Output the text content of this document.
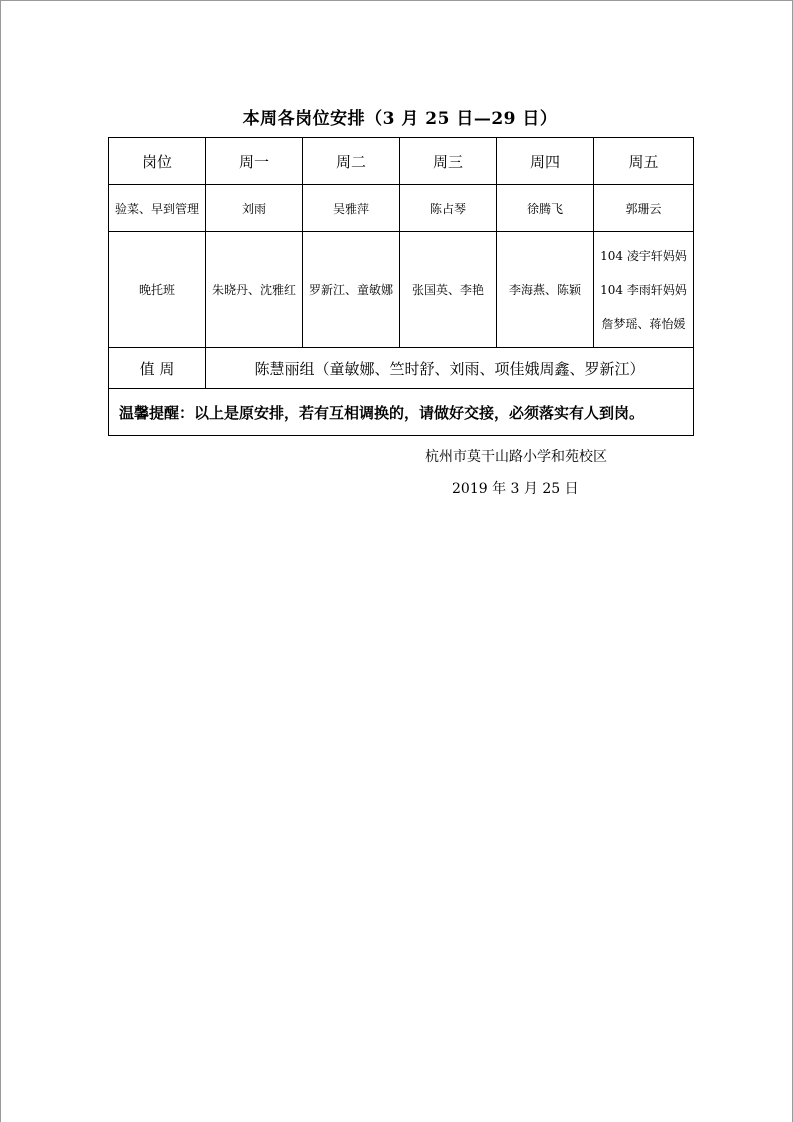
本周各岗位安排（3 月 25 日—29 日）
岗位	周一	周二	周三	周四	周五
验菜、早到管理	刘雨	吴雅萍	陈占琴	徐腾飞	郭珊云
晚托班	朱晓丹、沈雅红	罗新江、童敏娜	张国英、李艳	李海燕、陈颖	104 凌宇轩妈妈
104 李雨轩妈妈
詹梦瑶、蒋怡媛

值 周	陈慧丽组（童敏娜、竺时舒、刘雨、项佳娥周鑫、罗新江）				
温馨提醒：以上是原安排，若有互相调换的，请做好交接，必须落实有人到岗。					
杭州市莫干山路小学和苑校区
2019 年 3 月 25 日
